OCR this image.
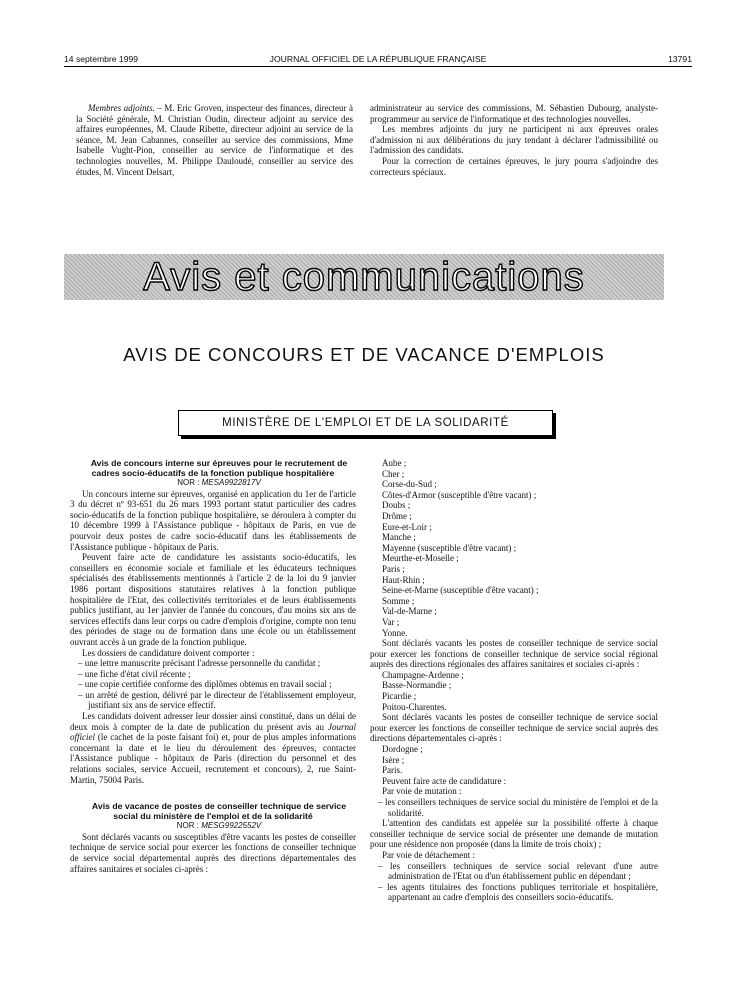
14 septembre 1999	JOURNAL OFFICIEL DE LA RÉPUBLIQUE FRANÇAISE	13791

Membres adjoints. – M. Eric Groven, inspecteur des finances, directeur à la Société générale, M. Christian Oudin, directeur adjoint au service des affaires européennes, M. Claude Ribette, directeur adjoint au service de la séance, M. Jean Cabannes, conseiller au service des commissions, Mme Isabelle Vught-Pion, conseiller au service de l'informatique et des technologies nouvelles, M. Philippe Dauloudé, conseiller au service des études, M. Vincent Delsart,

administrateur au service des commissions, M. Sébastien Dubourg, analyste-programmeur au service de l'informatique et des technologies nouvelles.

Les membres adjoints du jury ne participent ni aux épreuves orales d'admission ni aux délibérations du jury tendant à déclarer l'admissibilité ou l'admission des candidats.

Pour la correction de certaines épreuves, le jury pourra s'adjoindre des correcteurs spéciaux.

Avis et communications
AVIS DE CONCOURS ET DE VACANCE D'EMPLOIS
MINISTÈRE DE L'EMPLOI ET DE LA SOLIDARITÉ

Avis de concours interne sur épreuves pour le recrutement de cadres socio-éducatifs de la fonction publique hospitalière

NOR : MESA9922817V

Un concours interne sur épreuves, organisé en application du 1er de l'article 3 du décret nº 93-651 du 26 mars 1993 portant statut particulier des cadres socio-éducatifs de la fonction publique hospitalière, se déroulera à compter du 10 décembre 1999 à l'Assistance publique - hôpitaux de Paris, en vue de pourvoir deux postes de cadre socio-éducatif dans les établissements de l'Assistance publique - hôpitaux de Paris.

Peuvent faire acte de candidature les assistants socio-éducatifs, les conseillers en économie sociale et familiale et les éducateurs techniques spécialisés des établissements mentionnés à l'article 2 de la loi du 9 janvier 1986 portant dispositions statutaires relatives à la fonction publique hospitalière de l'Etat, des collectivités territoriales et de leurs établissements publics justifiant, au 1er janvier de l'année du concours, d'au moins six ans de services effectifs dans leur corps ou cadre d'emplois d'origine, compte non tenu des périodes de stage ou de formation dans une école ou un établissement ouvrant accès à un grade de la fonction publique.

Les dossiers de candidature doivent comporter :

– une lettre manuscrite précisant l'adresse personnelle du candidat ;
– une fiche d'état civil récente ;
– une copie certifiée conforme des diplômes obtenus en travail social ;
– un arrêté de gestion, délivré par le directeur de l'établissement employeur, justifiant six ans de service effectif.

Les candidats doivent adresser leur dossier ainsi constitué, dans un délai de deux mois à compter de la date de publication du présent avis au Journal officiel (le cachet de la poste faisant foi) et, pour de plus amples informations concernant la date et le lieu du déroulement des épreuves, contacter l'Assistance publique - hôpitaux de Paris (direction du personnel et des relations sociales, service Accueil, recrutement et concours), 2, rue Saint-Martin, 75004 Paris.

Avis de vacance de postes de conseiller technique de service social du ministère de l'emploi et de la solidarité

NOR : MESG9922552V

Sont déclarés vacants ou susceptibles d'être vacants les postes de conseiller technique de service social pour exercer les fonctions de conseiller technique de service social départemental auprès des directions départementales des affaires sanitaires et sociales ci-après :

Aube ;

Cher ;

Corse-du-Sud ;

Côtes-d'Armor (susceptible d'être vacant) ;

Doubs ;

Drôme ;

Eure-et-Loir ;

Manche ;

Mayenne (susceptible d'être vacant) ;

Meurthe-et-Moselle ;

Paris ;

Haut-Rhin ;

Seine-et-Marne (susceptible d'être vacant) ;

Somme ;

Val-de-Marne ;

Var ;

Yonne.

Sont déclarés vacants les postes de conseiller technique de service social pour exercer les fonctions de conseiller technique de service social régional auprès des directions régionales des affaires sanitaires et sociales ci-après :

Champagne-Ardenne ;

Basse-Normandie ;

Picardie ;

Poitou-Charentes.

Sont déclarés vacants les postes de conseiller technique de service social pour exercer les fonctions de conseiller technique de service social auprès des directions départementales ci-après :

Dordogne ;

Isère ;

Paris.

Peuvent faire acte de candidature :

Par voie de mutation :

– les conseillers techniques de service social du ministère de l'emploi et de la solidarité.

L'attention des candidats est appelée sur la possibilité offerte à chaque conseiller technique de service social de présenter une demande de mutation pour une résidence non proposée (dans la limite de trois choix) ;

Par voie de détachement :

– les conseillers techniques de service social relevant d'une autre administration de l'Etat ou d'un établissement public en dépendant ;
– les agents titulaires des fonctions publiques territoriale et hospitalière, appartenant au cadre d'emplois des conseillers socio-éducatifs.
